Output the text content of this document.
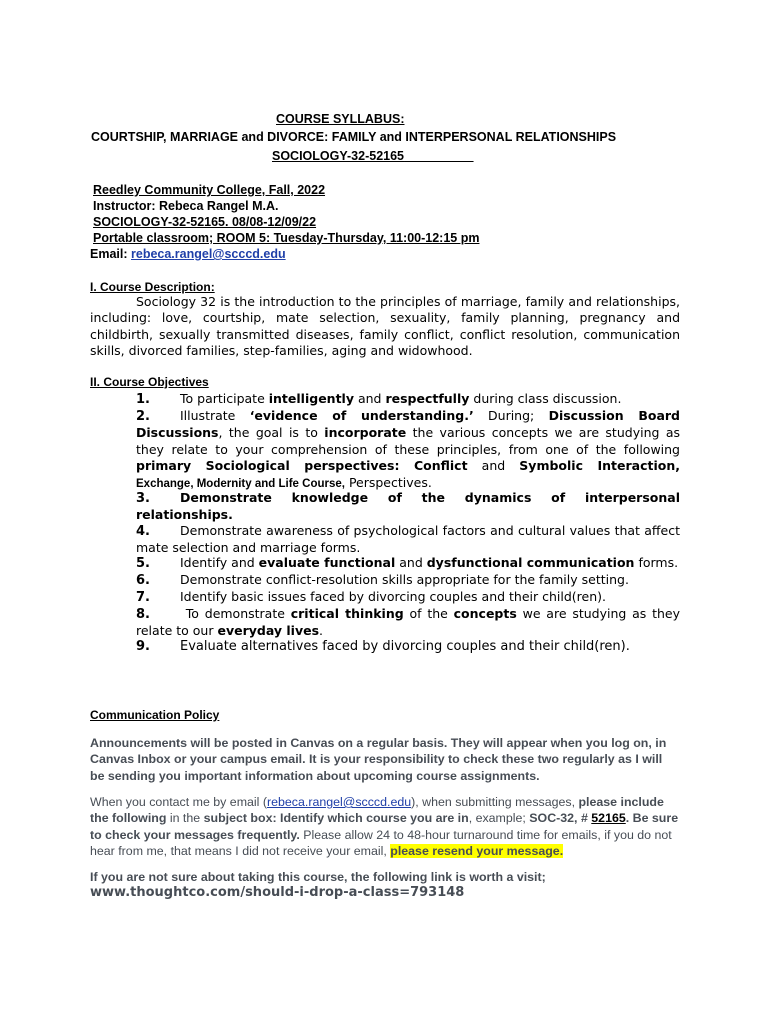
COURSE SYLLABUS:
COURTSHIP, MARRIAGE and DIVORCE: FAMILY and INTERPERSONAL RELATIONSHIPS
SOCIOLOGY-32-52165          
Reedley Community College, Fall, 2022
Instructor: Rebeca Rangel M.A.
SOCIOLOGY-32-52165. 08/08-12/09/22
Portable classroom; ROOM 5: Tuesday-Thursday, 11:00-12:15 pm
Email: rebeca.rangel@scccd.edu
I. Course Description:
Sociology 32 is the introduction to the principles of marriage, family and relationships, including: love, courtship, mate selection, sexuality, family planning, pregnancy and childbirth, sexually transmitted diseases, family conflict, conflict resolution, communication skills, divorced families, step-families, aging and widowhood.
II. Course Objectives
1. To participate intelligently and respectfully during class discussion.
2. Illustrate ‘evidence of understanding.’ During; Discussion Board Discussions, the goal is to incorporate the various concepts we are studying as they relate to your comprehension of these principles, from one of the following primary Sociological perspectives: Conflict and Symbolic Interaction, Exchange, Modernity and Life Course, Perspectives.
3. Demonstrate knowledge of the dynamics of interpersonal relationships.
4. Demonstrate awareness of psychological factors and cultural values that affect mate selection and marriage forms.
5. Identify and evaluate functional and dysfunctional communication forms.
6. Demonstrate conflict-resolution skills appropriate for the family setting.
7. Identify basic issues faced by divorcing couples and their child(ren).
8. To demonstrate critical thinking of the concepts we are studying as they relate to our everyday lives.
9. Evaluate alternatives faced by divorcing couples and their child(ren).
Communication Policy
Announcements will be posted in Canvas on a regular basis. They will appear when you log on, in Canvas Inbox or your campus email. It is your responsibility to check these two regularly as I will be sending you important information about upcoming course assignments.
When you contact me by email (rebeca.rangel@scccd.edu), when submitting messages, please include the following in the subject box: Identify which course you are in, example; SOC-32, # 52165. Be sure to check your messages frequently. Please allow 24 to 48-hour turnaround time for emails, if you do not hear from me, that means I did not receive your email, please resend your message.
If you are not sure about taking this course, the following link is worth a visit;
www.thoughtco.com/should-i-drop-a-class=793148
